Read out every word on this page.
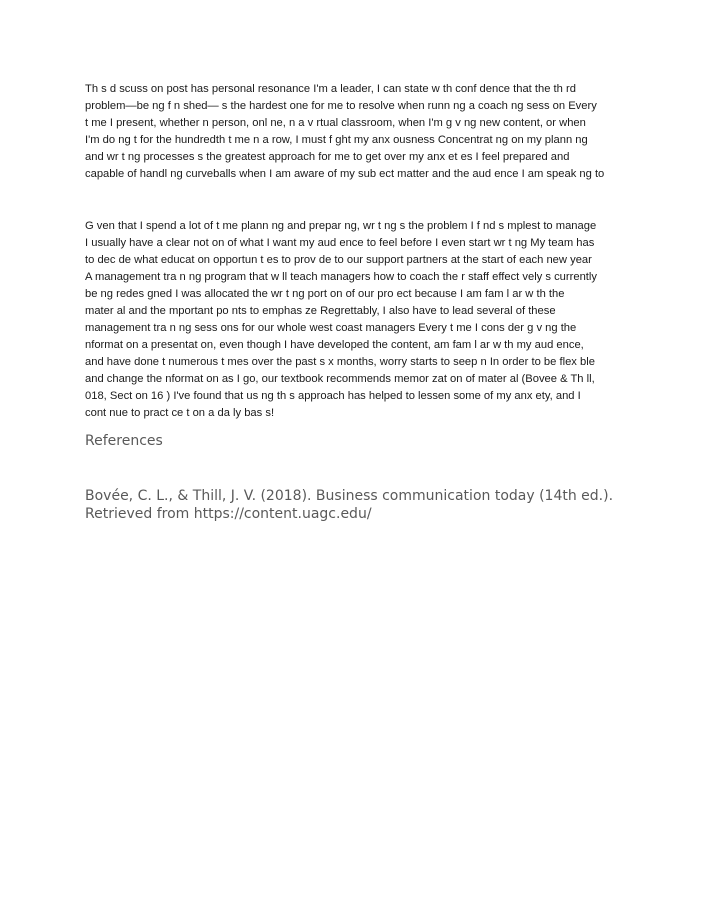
Th s d scuss on post has personal resonance I'm a leader, I can state w th conf dence that the th rd
problem—be ng f n shed— s the hardest one for me to resolve when runn ng a coach ng sess on Every
t me I present, whether n person, onl ne, n a v rtual classroom, when I'm g v ng new content, or when
I'm do ng t for the hundredth t me n a row, I must f ght my anx ousness Concentrat ng on my plann ng
and wr t ng processes s the greatest approach for me to get over my anx et es I feel prepared and
capable of handl ng curveballs when I am aware of my sub ect matter and the aud ence I am speak ng to
G ven that I spend a lot of t me plann ng and prepar ng, wr t ng s the problem I f nd s mplest to manage
I usually have a clear not on of what I want my aud ence to feel before I even start wr t ng My team has
to dec de what educat on opportun t es to prov de to our support partners at the start of each new year
A management tra n ng program that w ll teach managers how to coach the r staff effect vely s currently
be ng redes gned I was allocated the wr t ng port on of our pro ect because I am fam l ar w th the
mater al and the mportant po nts to emphas ze Regrettably, I also have to lead several of these
management tra n ng sess ons for our whole west coast managers Every t me I cons der g v ng the
nformat on a presentat on, even though I have developed the content, am fam l ar w th my aud ence,
and have done t numerous t mes over the past s x months, worry starts to seep n In order to be flex ble
and change the nformat on as I go, our textbook recommends memor zat on of mater al (Bovee & Th ll,
018, Sect on 16 ) I've found that us ng th s approach has helped to lessen some of my anx ety, and I
cont nue to pract ce t on a da ly bas s!
References
Bovée, C. L., & Thill, J. V. (2018). Business communication today (14th ed.).
Retrieved from https://content.uagc.edu/
